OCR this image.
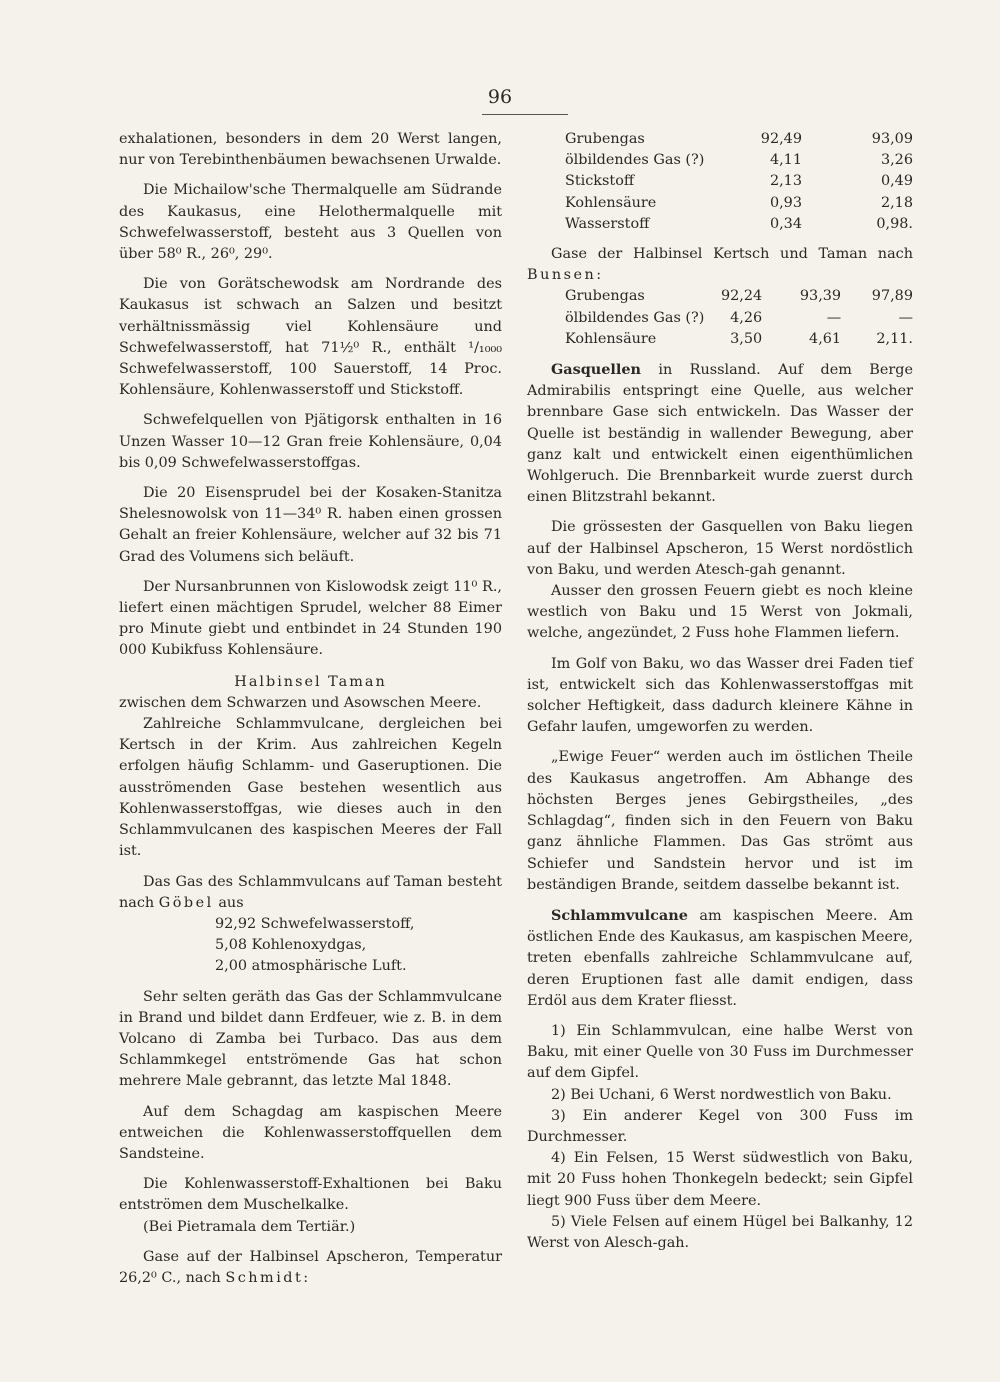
96

exhalationen, besonders in dem 20 Werst langen, nur von Terebinthenbäumen bewachsenen Urwalde.

Die Michailow'sche Thermalquelle am Südrande des Kaukasus, eine Helothermalquelle mit Schwefelwasserstoff, besteht aus 3 Quellen von über 58⁰ R., 26⁰, 29⁰.

Die von Gorätschewodsk am Nordrande des Kaukasus ist schwach an Salzen und besitzt verhältnissmässig viel Kohlensäure und Schwefelwasserstoff, hat 71½⁰ R., enthält ¹/₁₀₀₀ Schwefelwasserstoff, 100 Sauerstoff, 14 Proc. Kohlensäure, Kohlenwasserstoff und Stickstoff.

Schwefelquellen von Pjätigorsk enthalten in 16 Unzen Wasser 10—12 Gran freie Kohlensäure, 0,04 bis 0,09 Schwefelwasserstoffgas.

Die 20 Eisensprudel bei der Kosaken-Stanitza Shelesnowolsk von 11—34⁰ R. haben einen grossen Gehalt an freier Kohlensäure, welcher auf 32 bis 71 Grad des Volumens sich beläuft.

Der Nursanbrunnen von Kislowodsk zeigt 11⁰ R., liefert einen mächtigen Sprudel, welcher 88 Eimer pro Minute giebt und entbindet in 24 Stunden 190 000 Kubikfuss Kohlensäure.

Halbinsel Taman

zwischen dem Schwarzen und Asowschen Meere.

Zahlreiche Schlammvulcane, dergleichen bei Kertsch in der Krim. Aus zahlreichen Kegeln erfolgen häufig Schlamm- und Gaseruptionen. Die ausströmenden Gase bestehen wesentlich aus Kohlenwasserstoffgas, wie dieses auch in den Schlammvulcanen des kaspischen Meeres der Fall ist.

Das Gas des Schlammvulcans auf Taman besteht nach Göbel aus

92,92 Schwefelwasserstoff,

5,08 Kohlenoxydgas,

2,00 atmosphärische Luft.

Sehr selten geräth das Gas der Schlammvulcane in Brand und bildet dann Erdfeuer, wie z. B. in dem Volcano di Zamba bei Turbaco. Das aus dem Schlammkegel entströmende Gas hat schon mehrere Male gebrannt, das letzte Mal 1848.

Auf dem Schagdag am kaspischen Meere entweichen die Kohlenwasserstoffquellen dem Sandsteine.

Die Kohlenwasserstoff-Exhaltionen bei Baku entströmen dem Muschelkalke.

(Bei Pietramala dem Tertiär.)

Gase auf der Halbinsel Apscheron, Temperatur 26,2⁰ C., nach Schmidt:

Grubengas	92,49	93,09
ölbildendes Gas (?)	4,11	3,26
Stickstoff	2,13	0,49
Kohlensäure	0,93	2,18
Wasserstoff	0,34	0,98.

Gase der Halbinsel Kertsch und Taman nach Bunsen:

Grubengas	92,24	93,39	97,89
ölbildendes Gas (?)	4,26	—	—
Kohlensäure	3,50	4,61	2,11.

Gasquellen in Russland. Auf dem Berge Admirabilis entspringt eine Quelle, aus welcher brennbare Gase sich entwickeln. Das Wasser der Quelle ist beständig in wallender Bewegung, aber ganz kalt und entwickelt einen eigenthümlichen Wohlgeruch. Die Brennbarkeit wurde zuerst durch einen Blitzstrahl bekannt.

Die grössesten der Gasquellen von Baku liegen auf der Halbinsel Apscheron, 15 Werst nordöstlich von Baku, und werden Atesch-gah genannt.

Ausser den grossen Feuern giebt es noch kleine westlich von Baku und 15 Werst von Jokmali, welche, angezündet, 2 Fuss hohe Flammen liefern.

Im Golf von Baku, wo das Wasser drei Faden tief ist, entwickelt sich das Kohlenwasserstoffgas mit solcher Heftigkeit, dass dadurch kleinere Kähne in Gefahr laufen, umgeworfen zu werden.

„Ewige Feuer“ werden auch im östlichen Theile des Kaukasus angetroffen. Am Abhange des höchsten Berges jenes Gebirgstheiles, „des Schlagdag“, finden sich in den Feuern von Baku ganz ähnliche Flammen. Das Gas strömt aus Schiefer und Sandstein hervor und ist im beständigen Brande, seitdem dasselbe bekannt ist.

Schlammvulcane am kaspischen Meere. Am östlichen Ende des Kaukasus, am kaspischen Meere, treten ebenfalls zahlreiche Schlammvulcane auf, deren Eruptionen fast alle damit endigen, dass Erdöl aus dem Krater fliesst.

1) Ein Schlammvulcan, eine halbe Werst von Baku, mit einer Quelle von 30 Fuss im Durchmesser auf dem Gipfel.

2) Bei Uchani, 6 Werst nordwestlich von Baku.

3) Ein anderer Kegel von 300 Fuss im Durchmesser.

4) Ein Felsen, 15 Werst südwestlich von Baku, mit 20 Fuss hohen Thonkegeln bedeckt; sein Gipfel liegt 900 Fuss über dem Meere.

5) Viele Felsen auf einem Hügel bei Balkanhy, 12 Werst von Alesch-gah.
